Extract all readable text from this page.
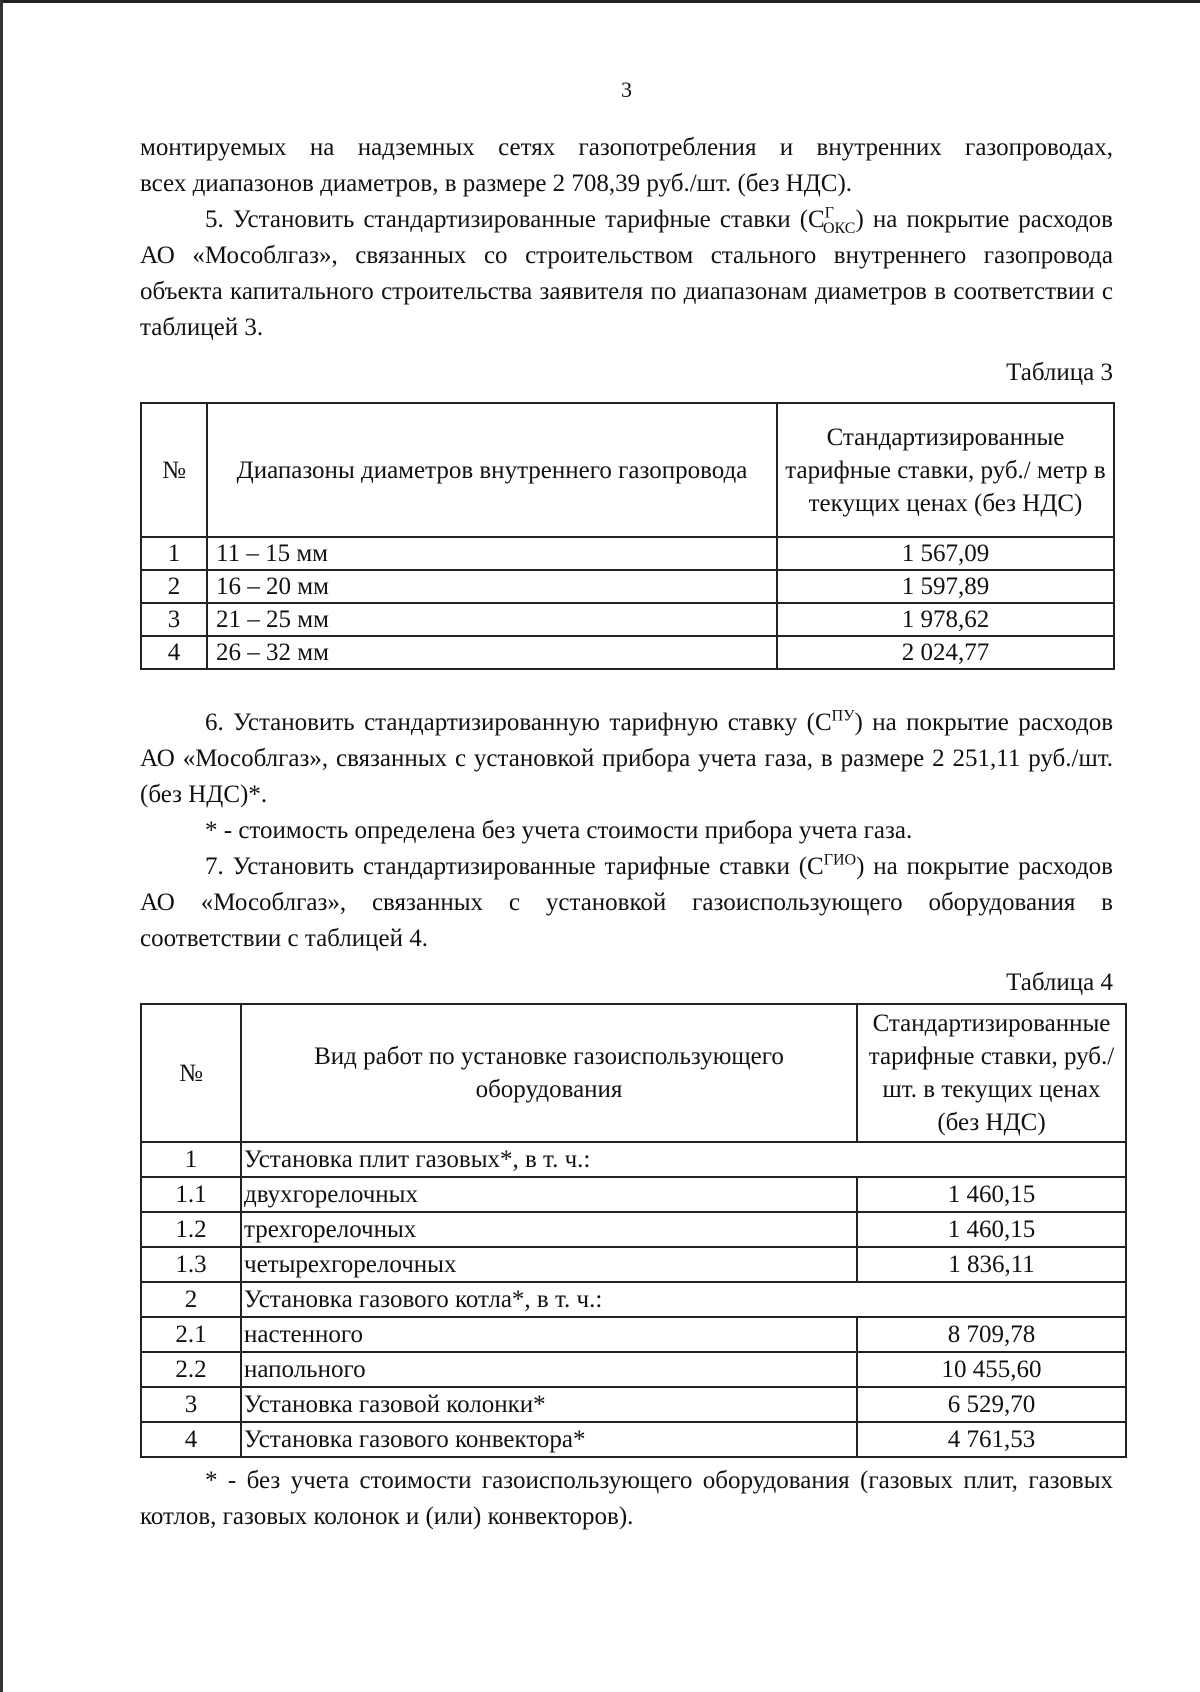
3

монтируемых на надземных сетях газопотребления и внутренних газопроводах,

всех диапазонов диаметров, в размере 2 708,39 руб./шт. (без НДС).

5. Установить стандартизированные тарифные ставки $(С^Г_{ОКС})$ на покрытие расходов АО «Мособлгаз», связанных со строительством стального внутреннего газопровода объекта капитального строительства заявителя по диапазонам диаметров в соответствии с таблицей 3.

Таблица 3
№	Диапазоны диаметров внутреннего газопровода	Стандартизированные тарифные ставки, руб./ метр в текущих ценах (без НДС)
1	11 – 15 мм	1 567,09
2	16 – 20 мм	1 597,89
3	21 – 25 мм	1 978,62
4	26 – 32 мм	2 024,77

6. Установить стандартизированную тарифную ставку $(С^{ПУ})$ на покрытие расходов АО «Мособлгаз», связанных с установкой прибора учета газа, в размере 2 251,11 руб./шт. (без НДС)*.

* - стоимость определена без учета стоимости прибора учета газа.

7. Установить стандартизированные тарифные ставки $(С^{ГИО})$ на покрытие расходов АО «Мособлгаз», связанных с установкой газоиспользующего оборудования в соответствии с таблицей 4.

Таблица 4
№	Вид работ по установке газоиспользующего оборудования	Стандартизированные тарифные ставки, руб./шт. в текущих ценах (без НДС)
1	Установка плит газовых*, в т. ч.:	
1.1	двухгорелочных	1 460,15
1.2	трехгорелочных	1 460,15
1.3	четырехгорелочных	1 836,11
2	Установка газового котла*, в т. ч.:	
2.1	настенного	8 709,78
2.2	напольного	10 455,60
3	Установка газовой колонки*	6 529,70
4	Установка газового конвектора*	4 761,53

* - без учета стоимости газоиспользующего оборудования (газовых плит, газовых котлов, газовых колонок и (или) конвекторов).
